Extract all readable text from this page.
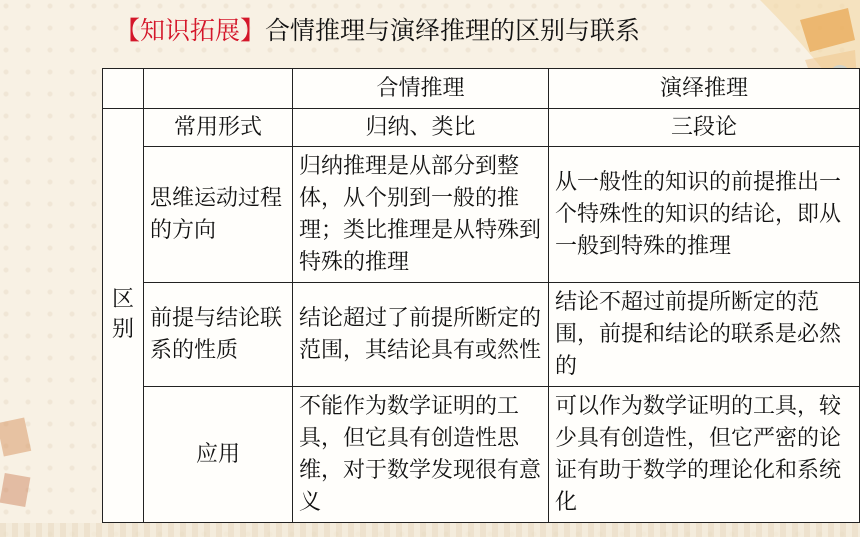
【知识拓展】合情推理与演绎推理的区别与联系
		合情推理	演绎推理
区别	常用形式	归纳、类比	三段论
	思维运动过程的方向	归纳推理是从部分到整体，从个别到一般的推理；类比推理是从特殊到特殊的推理	从一般性的知识的前提推出一个特殊性的知识的结论，即从一般到特殊的推理
	前提与结论联系的性质	结论超过了前提所断定的范围，其结论具有或然性	结论不超过前提所断定的范围，前提和结论的联系是必然的
	应用	不能作为数学证明的工具，但它具有创造性思维，对于数学发现很有意义	可以作为数学证明的工具，较少具有创造性，但它严密的论证有助于数学的理论化和系统化
